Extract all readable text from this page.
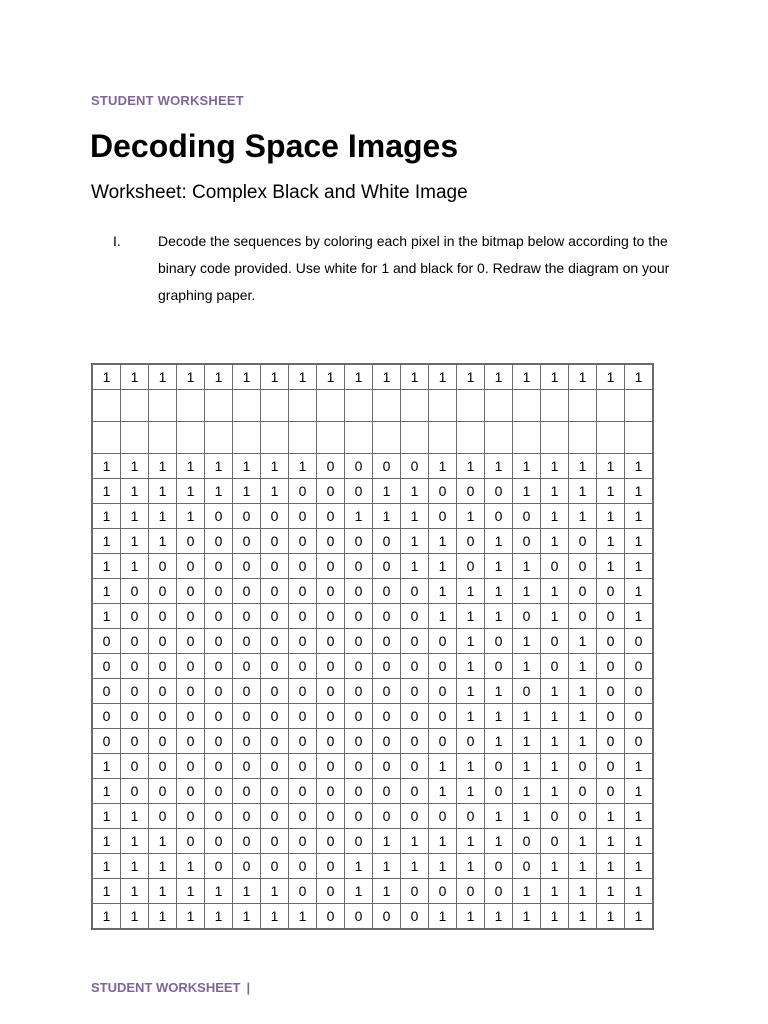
STUDENT WORKSHEET
Decoding Space Images
Worksheet: Complex Black and White Image
I.	Decode the sequences by coloring each pixel in the bitmap below according to the binary code provided. Use white for 1 and black for 0. Redraw the diagram on your graphing paper.
1	1	1	1	1	1	1	1	1	1	1	1	1	1	1	1	1	1	1	1

1	1	1	1	1	1	1	1	0	0	0	0	1	1	1	1	1	1	1	1
1	1	1	1	1	1	1	0	0	0	1	1	0	0	0	1	1	1	1	1
1	1	1	1	0	0	0	0	0	1	1	1	0	1	0	0	1	1	1	1
1	1	1	0	0	0	0	0	0	0	0	1	1	0	1	0	1	0	1	1
1	1	0	0	0	0	0	0	0	0	0	1	1	0	1	1	0	0	1	1
1	0	0	0	0	0	0	0	0	0	0	0	1	1	1	1	1	0	0	1
1	0	0	0	0	0	0	0	0	0	0	0	1	1	1	0	1	0	0	1
0	0	0	0	0	0	0	0	0	0	0	0	0	1	0	1	0	1	0	0
0	0	0	0	0	0	0	0	0	0	0	0	0	1	0	1	0	1	0	0
0	0	0	0	0	0	0	0	0	0	0	0	0	1	1	0	1	1	0	0
0	0	0	0	0	0	0	0	0	0	0	0	0	1	1	1	1	1	0	0
0	0	0	0	0	0	0	0	0	0	0	0	0	0	1	1	1	1	0	0
1	0	0	0	0	0	0	0	0	0	0	0	1	1	0	1	1	0	0	1
1	0	0	0	0	0	0	0	0	0	0	0	1	1	0	1	1	0	0	1
1	1	0	0	0	0	0	0	0	0	0	0	0	0	1	1	0	0	1	1
1	1	1	0	0	0	0	0	0	0	1	1	1	1	1	0	0	1	1	1
1	1	1	1	0	0	0	0	0	1	1	1	1	1	0	0	1	1	1	1
1	1	1	1	1	1	1	0	0	1	1	0	0	0	0	1	1	1	1	1
1	1	1	1	1	1	1	1	0	0	0	0	1	1	1	1	1	1	1	1
STUDENT WORKSHEET |
